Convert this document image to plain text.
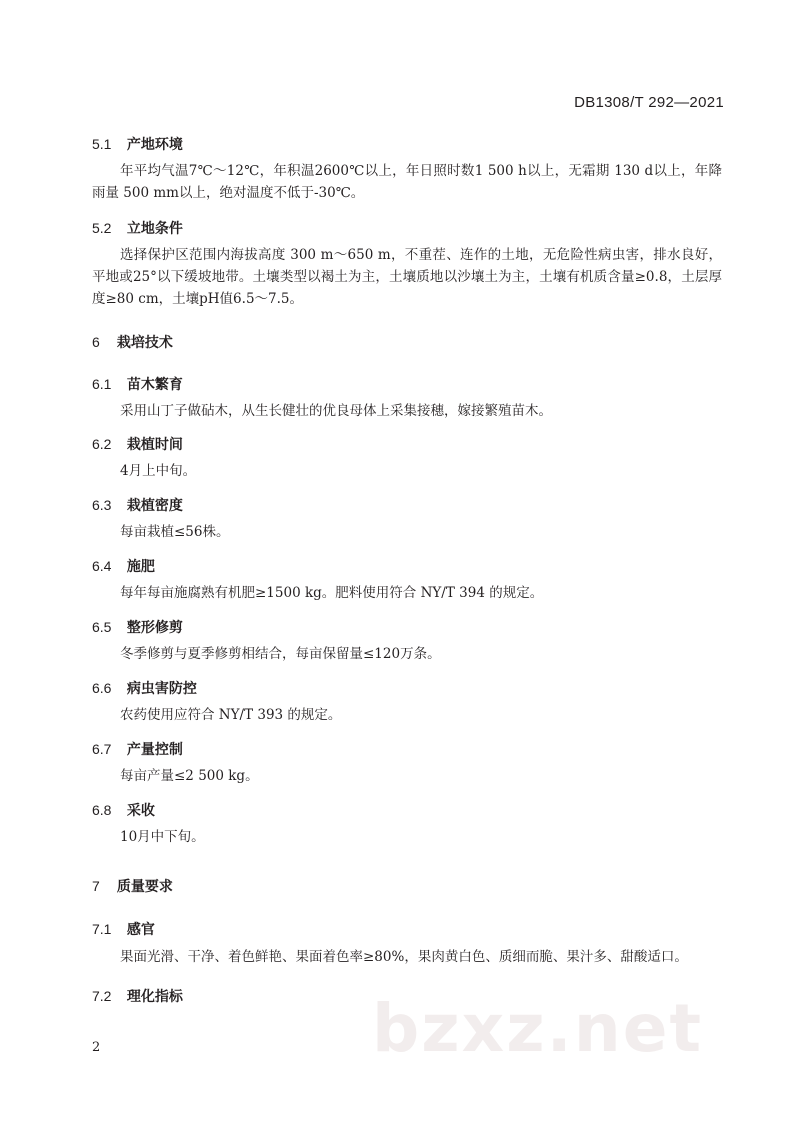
DB1308/T 292—2021
5.1 产地环境
年平均气温7℃～12℃，年积温2600℃以上，年日照时数1 500 h以上，无霜期 130 d以上，年降雨量 500 mm以上，绝对温度不低于-30℃。
5.2 立地条件
选择保护区范围内海拔高度 300 m～650 m，不重茬、连作的土地，无危险性病虫害，排水良好，平地或25°以下缓坡地带。土壤类型以褐土为主，土壤质地以沙壤土为主，土壤有机质含量≥0.8，土层厚度≥80 cm，土壤pH值6.5～7.5。
6 栽培技术
6.1 苗木繁育
采用山丁子做砧木，从生长健壮的优良母体上采集接穗，嫁接繁殖苗木。
6.2 栽植时间
4月上中旬。
6.3 栽植密度
每亩栽植≤56株。
6.4 施肥
每年每亩施腐熟有机肥≥1500 kg。肥料使用符合 NY/T 394 的规定。
6.5 整形修剪
冬季修剪与夏季修剪相结合，每亩保留量≤120万条。
6.6 病虫害防控
农药使用应符合 NY/T 393 的规定。
6.7 产量控制
每亩产量≤2 500 kg。
6.8 采收
10月中下旬。
7 质量要求
7.1 感官
果面光滑、干净、着色鲜艳、果面着色率≥80%，果肉黄白色、质细而脆、果汁多、甜酸适口。
7.2 理化指标	bzxz.net
2
